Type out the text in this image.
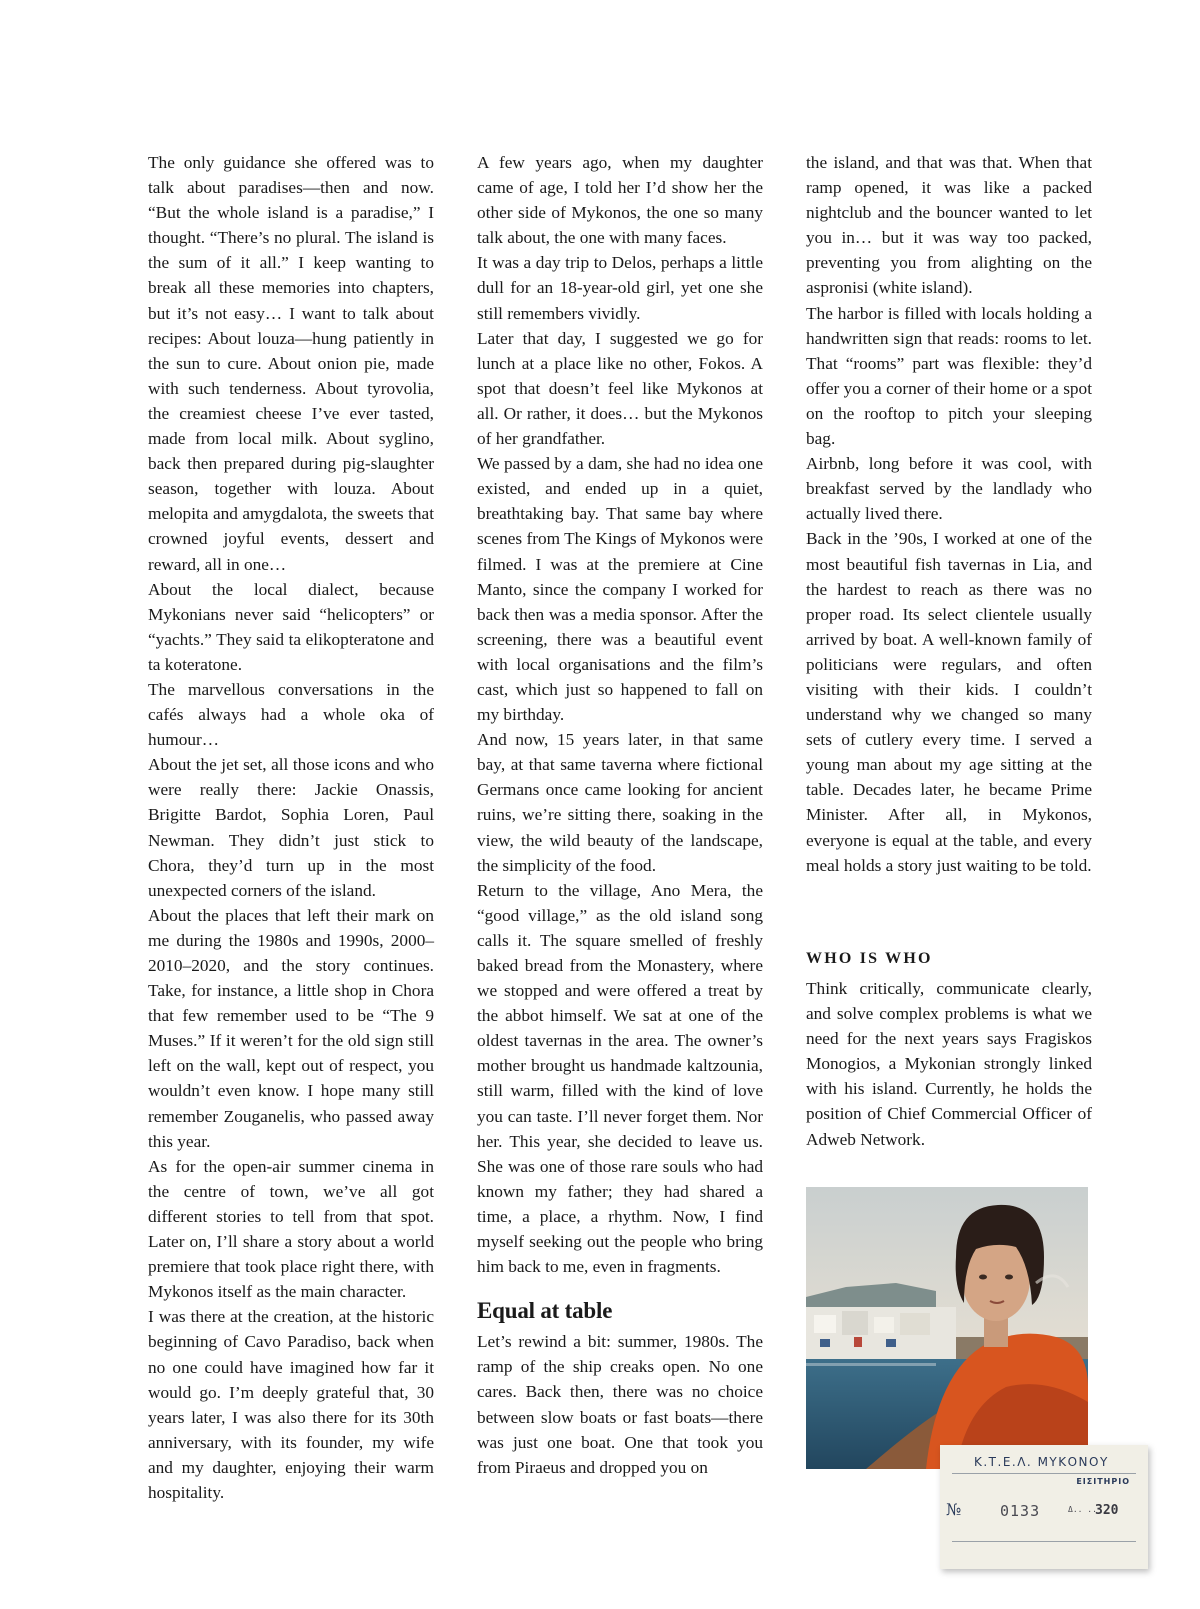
The only guidance she offered was to talk about paradises—then and now. “But the whole island is a paradise,” I thought. “There’s no plural. The island is the sum of it all.” I keep wanting to break all these memories into chapters, but it’s not easy… I want to talk about recipes: About louza—hung patiently in the sun to cure. About onion pie, made with such tenderness. About tyrovolia, the creamiest cheese I’ve ever tasted, made from local milk. About syglino, back then prepared during pig-slaughter season, together with louza. About melopita and amygdalota, the sweets that crowned joyful events, dessert and reward, all in one…

About the local dialect, because Mykonians never said “helicopters” or “yachts.” They said ta elikopteratone and ta koteratone.

The marvellous conversations in the cafés always had a whole oka of humour…

About the jet set, all those icons and who were really there: Jackie Onassis, Brigitte Bardot, Sophia Loren, Paul Newman. They didn’t just stick to Chora, they’d turn up in the most unexpected corners of the island.

About the places that left their mark on me during the 1980s and 1990s, 2000–2010–2020, and the story continues. Take, for instance, a little shop in Chora that few remember used to be “The 9 Muses.” If it weren’t for the old sign still left on the wall, kept out of respect, you wouldn’t even know. I hope many still remember Zouganelis, who passed away this year.

As for the open-air summer cinema in the centre of town, we’ve all got different stories to tell from that spot. Later on, I’ll share a story about a world premiere that took place right there, with Mykonos itself as the main character.

I was there at the creation, at the historic beginning of Cavo Paradiso, back when no one could have imagined how far it would go. I’m deeply grateful that, 30 years later, I was also there for its 30th anniversary, with its founder, my wife and my daughter, enjoying their warm hospitality.

A few years ago, when my daughter came of age, I told her I’d show her the other side of Mykonos, the one so many talk about, the one with many faces.

It was a day trip to Delos, perhaps a little dull for an 18-year-old girl, yet one she still remembers vividly.

Later that day, I suggested we go for lunch at a place like no other, Fokos. A spot that doesn’t feel like Mykonos at all. Or rather, it does… but the Mykonos of her grandfather.

We passed by a dam, she had no idea one existed, and ended up in a quiet, breathtaking bay. That same bay where scenes from The Kings of Mykonos were filmed. I was at the premiere at Cine Manto, since the company I worked for back then was a media sponsor. After the screening, there was a beautiful event with local organisations and the film’s cast, which just so happened to fall on my birthday.

And now, 15 years later, in that same bay, at that same taverna where fictional Germans once came looking for ancient ruins, we’re sitting there, soaking in the view, the wild beauty of the landscape, the simplicity of the food.

Return to the village, Ano Mera, the “good village,” as the old island song calls it. The square smelled of freshly baked bread from the Monastery, where we stopped and were offered a treat by the abbot himself. We sat at one of the oldest tavernas in the area. The owner’s mother brought us handmade kaltzounia, still warm, filled with the kind of love you can taste. I’ll never forget them. Nor her. This year, she decided to leave us. She was one of those rare souls who had known my father; they had shared a time, a place, a rhythm. Now, I find myself seeking out the people who bring him back to me, even in fragments.

Equal at table

Let’s rewind a bit: summer, 1980s. The ramp of the ship creaks open. No one cares. Back then, there was no choice between slow boats or fast boats—there was just one boat. One that took you from Piraeus and dropped you on

the island, and that was that. When that ramp opened, it was like a packed nightclub and the bouncer wanted to let you in… but it was way too packed, preventing you from alighting on the aspronisi (white island).

The harbor is filled with locals holding a handwritten sign that reads: rooms to let. That “rooms” part was flexible: they’d offer you a corner of their home or a spot on the rooftop to pitch your sleeping bag.

Airbnb, long before it was cool, with breakfast served by the landlady who actually lived there.

Back in the ’90s, I worked at one of the most beautiful fish tavernas in Lia, and the hardest to reach as there was no proper road. Its select clientele usually arrived by boat. A well-known family of politicians were regulars, and often visiting with their kids. I couldn’t understand why we changed so many sets of cutlery every time. I served a young man about my age sitting at the table. Decades later, he became Prime Minister. After all, in Mykonos, everyone is equal at the table, and every meal holds a story just waiting to be told.

WHO IS WHO

Think critically, communicate clearly, and solve complex problems is what we need for the next years says Fragiskos Monogios, a Mykonian strongly linked with his island. Currently, he holds the position of Chief Commercial Officer of Adweb Network.

Κ.Τ.Ε.Λ. ΜΥΚΟΝΟΥ
ΕΙΣΙΤΗΡΙΟ
№	0133	Δ.. ..
320
